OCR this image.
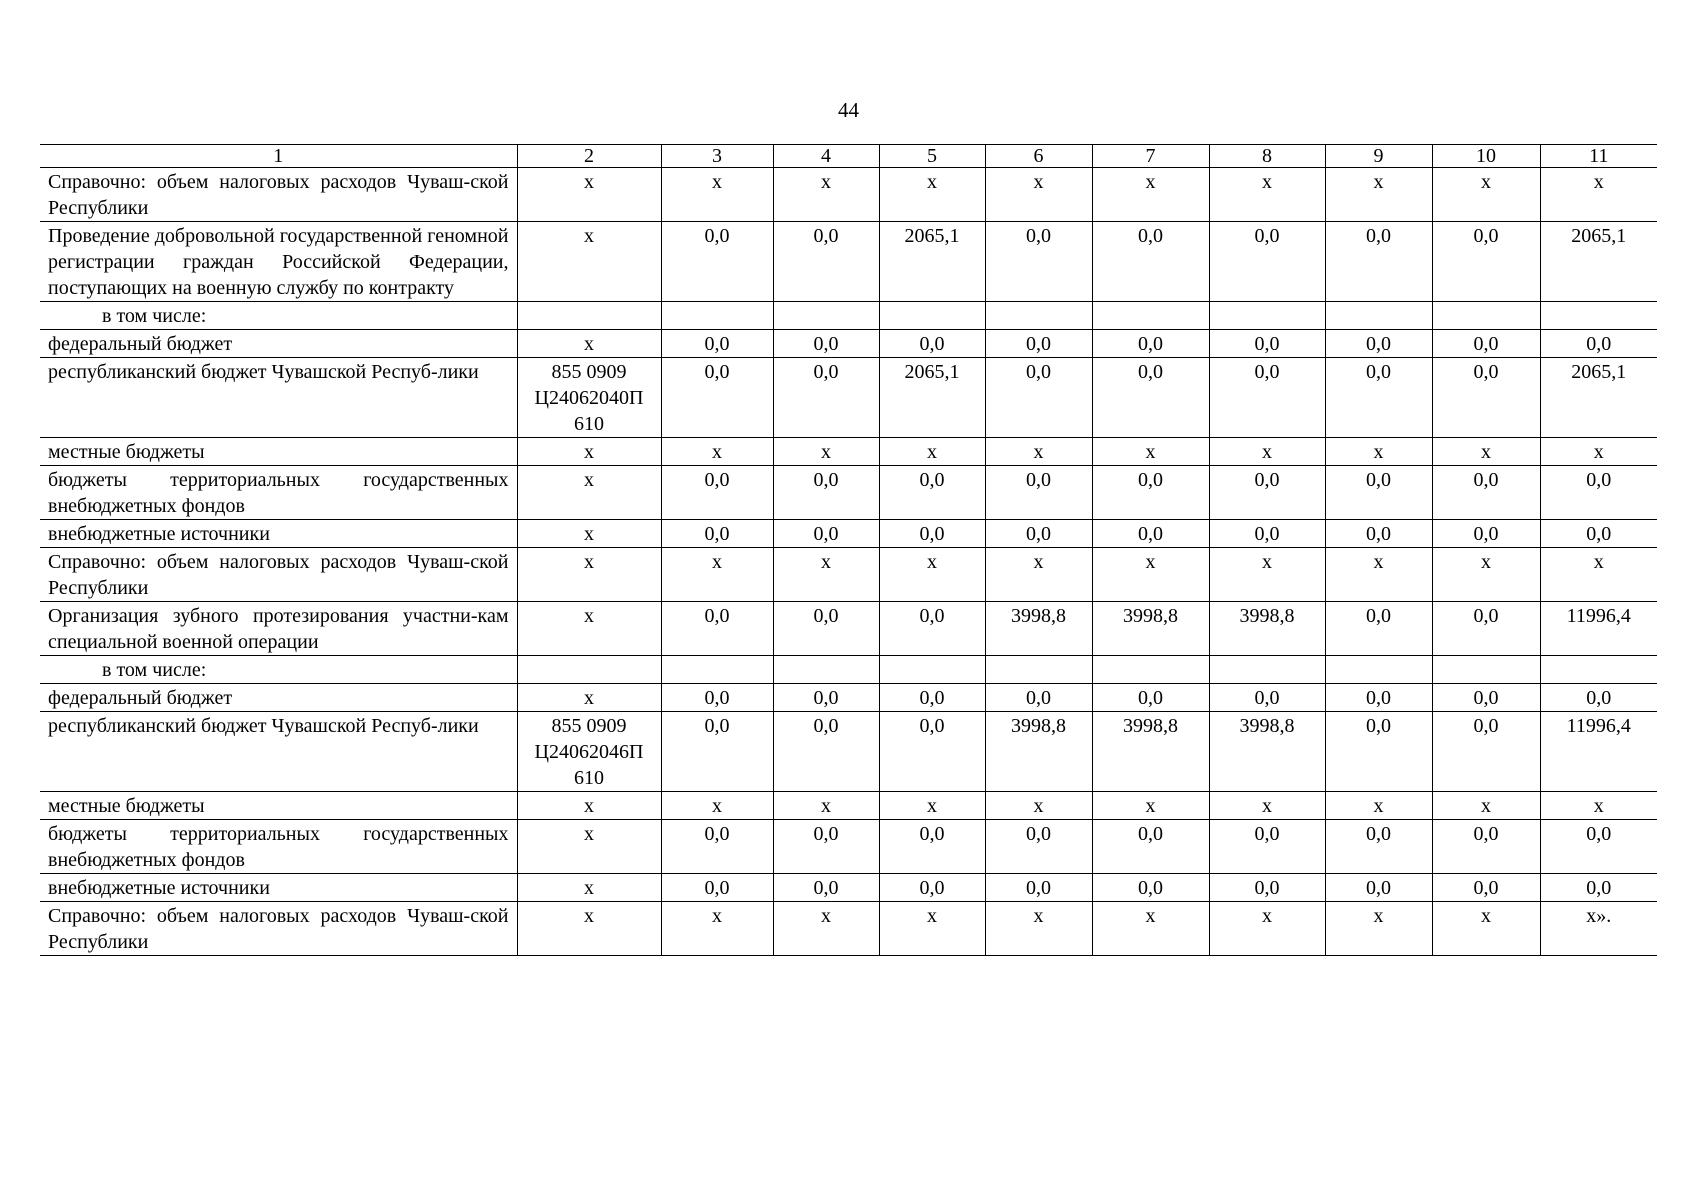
44
1	2	3	4	5	6	7	8	9	10	11
Справочно: объем налоговых расходов Чуваш-ской Республики	x	x	x	x	x	x	x	x	x	x
Проведение добровольной государственной геномной регистрации граждан Российской Федерации, поступающих на военную службу по контракту	x	0,0	0,0	2065,1	0,0	0,0	0,0	0,0	0,0	2065,1
в том числе:										
федеральный бюджет	x	0,0	0,0	0,0	0,0	0,0	0,0	0,0	0,0	0,0
республиканский бюджет Чувашской Респуб-лики	855 0909
Ц24062040П
610	0,0	0,0	2065,1	0,0	0,0	0,0	0,0	0,0	2065,1
местные бюджеты	x	x	x	x	x	x	x	x	x	x
бюджеты территориальных государственных внебюджетных фондов	x	0,0	0,0	0,0	0,0	0,0	0,0	0,0	0,0	0,0
внебюджетные источники	x	0,0	0,0	0,0	0,0	0,0	0,0	0,0	0,0	0,0
Справочно: объем налоговых расходов Чуваш-ской Республики	x	x	x	x	x	x	x	x	x	x
Организация зубного протезирования участни-кам специальной военной операции	x	0,0	0,0	0,0	3998,8	3998,8	3998,8	0,0	0,0	11996,4
в том числе:										
федеральный бюджет	x	0,0	0,0	0,0	0,0	0,0	0,0	0,0	0,0	0,0
республиканский бюджет Чувашской Респуб-лики	855 0909
Ц24062046П
610	0,0	0,0	0,0	3998,8	3998,8	3998,8	0,0	0,0	11996,4
местные бюджеты	x	x	x	x	x	x	x	x	x	x
бюджеты территориальных государственных внебюджетных фондов	x	0,0	0,0	0,0	0,0	0,0	0,0	0,0	0,0	0,0
внебюджетные источники	x	0,0	0,0	0,0	0,0	0,0	0,0	0,0	0,0	0,0
Справочно: объем налоговых расходов Чуваш-ской Республики	x	x	x	x	x	x	x	x	x	x».
